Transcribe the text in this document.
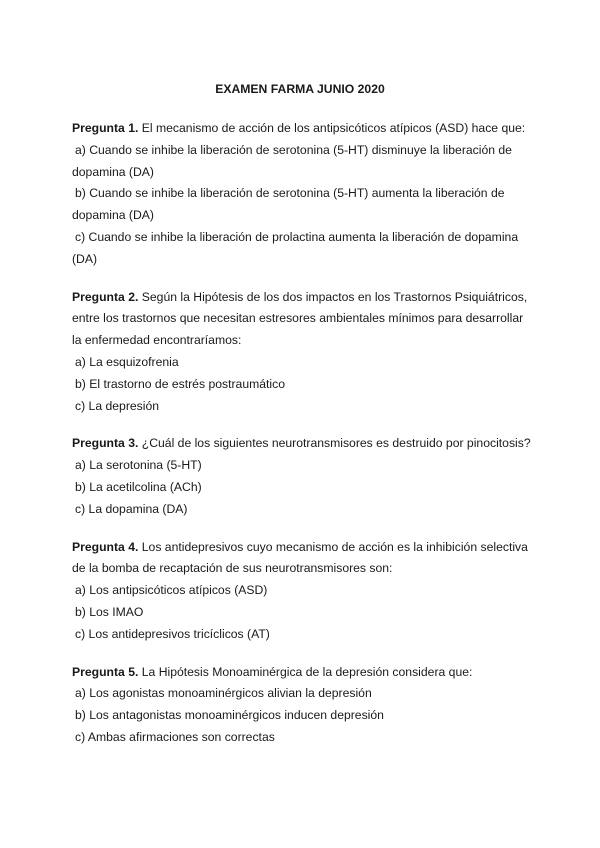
EXAMEN FARMA JUNIO 2020
Pregunta 1. El mecanismo de acción de los antipsicóticos atípicos (ASD) hace que:
a) Cuando se inhibe la liberación de serotonina (5-HT) disminuye la liberación de
dopamina (DA)
b) Cuando se inhibe la liberación de serotonina (5-HT) aumenta la liberación de
dopamina (DA)
c) Cuando se inhibe la liberación de prolactina aumenta la liberación de dopamina
(DA)
Pregunta 2. Según la Hipótesis de los dos impactos en los Trastornos Psiquiátricos,
entre los trastornos que necesitan estresores ambientales mínimos para desarrollar
la enfermedad encontraríamos:
a) La esquizofrenia
b) El trastorno de estrés postraumático
c) La depresión
Pregunta 3. ¿Cuál de los siguientes neurotransmisores es destruido por pinocitosis?
a) La serotonina (5-HT)
b) La acetilcolina (ACh)
c) La dopamina (DA)
Pregunta 4. Los antidepresivos cuyo mecanismo de acción es la inhibición selectiva
de la bomba de recaptación de sus neurotransmisores son:
a) Los antipsicóticos atípicos (ASD)
b) Los IMAO
c) Los antidepresivos tricíclicos (AT)
Pregunta 5. La Hipótesis Monoaminérgica de la depresión considera que:
a) Los agonistas monoaminérgicos alivian la depresión
b) Los antagonistas monoaminérgicos inducen depresión
c) Ambas afirmaciones son correctas
